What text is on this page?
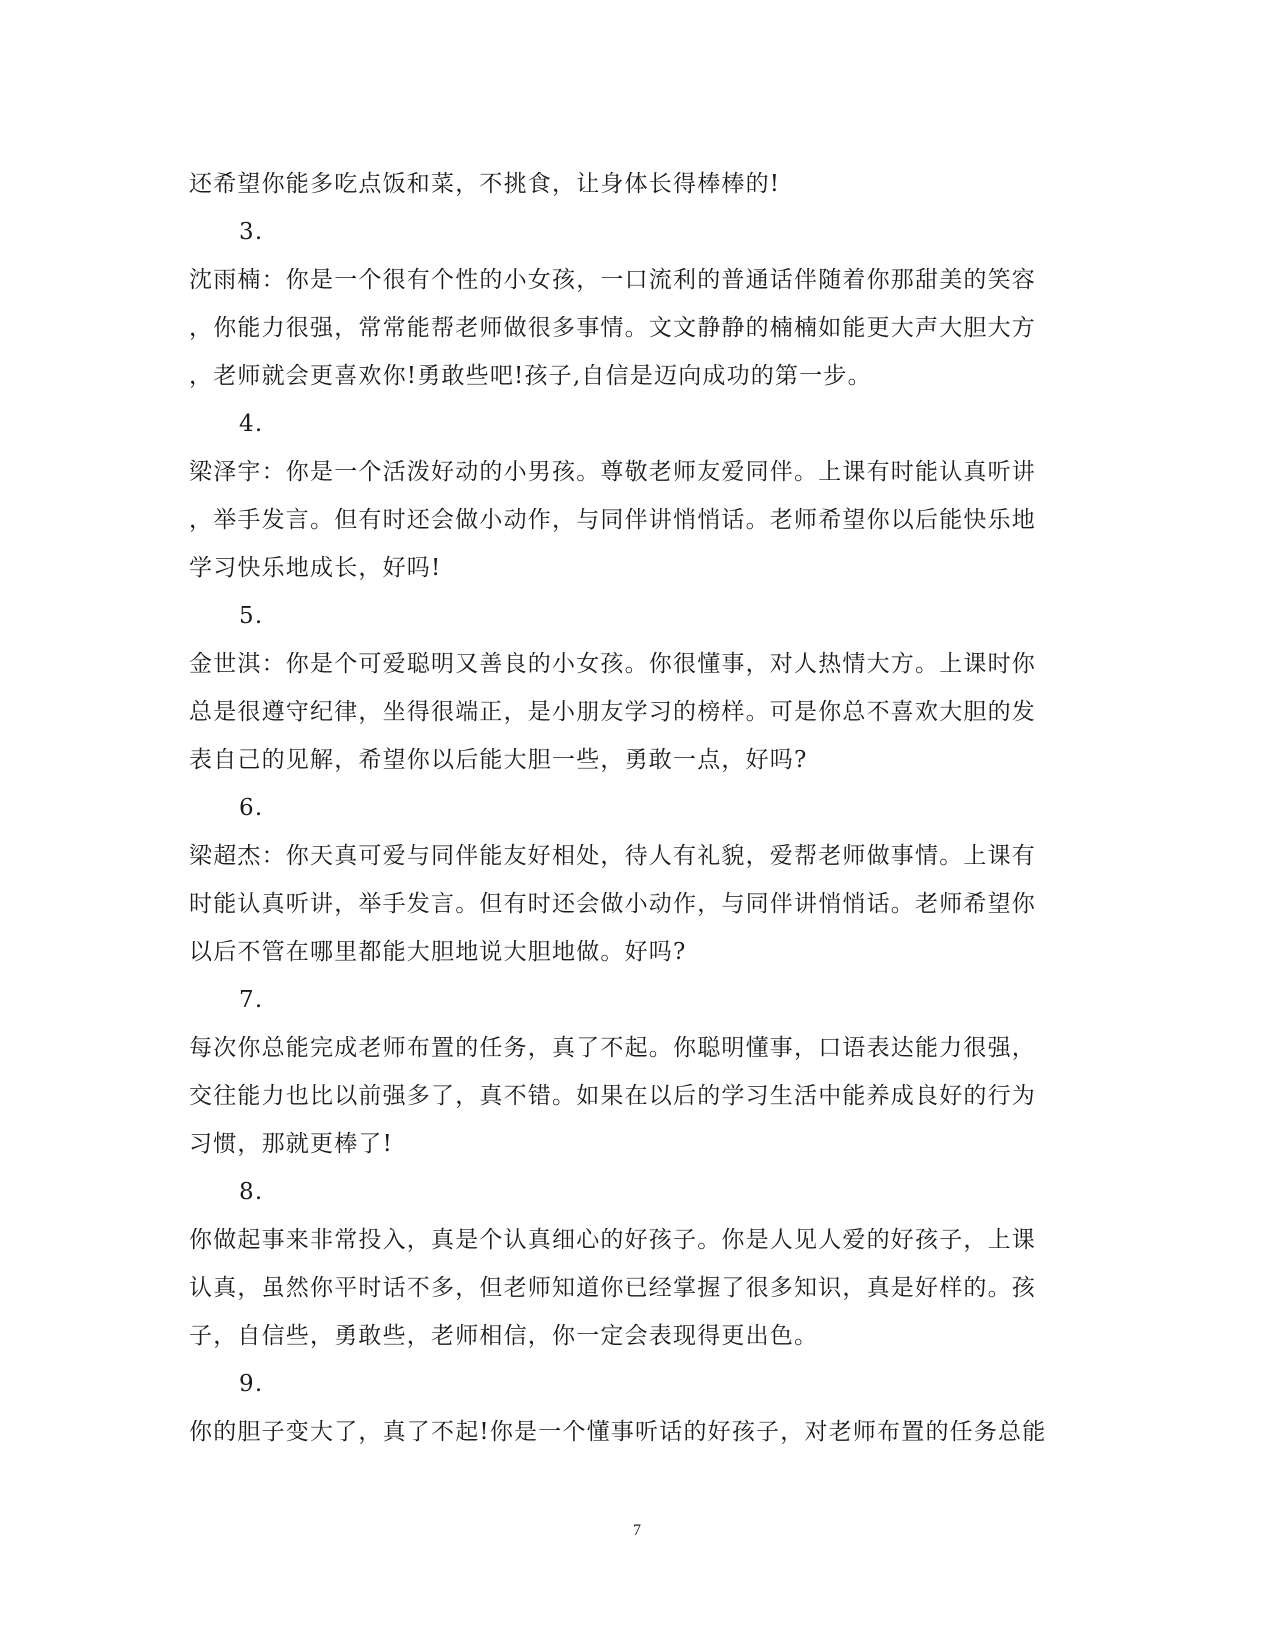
还希望你能多吃点饭和菜，不挑食，让身体长得棒棒的!
3.
沈雨楠：你是一个很有个性的小女孩，一口流利的普通话伴随着你那甜美的笑容
，你能力很强，常常能帮老师做很多事情。文文静静的楠楠如能更大声大胆大方
，老师就会更喜欢你!勇敢些吧!孩子,自信是迈向成功的第一步。
4.
梁泽宇：你是一个活泼好动的小男孩。尊敬老师友爱同伴。上课有时能认真听讲
，举手发言。但有时还会做小动作，与同伴讲悄悄话。老师希望你以后能快乐地
学习快乐地成长，好吗!
5.
金世淇：你是个可爱聪明又善良的小女孩。你很懂事，对人热情大方。上课时你
总是很遵守纪律，坐得很端正，是小朋友学习的榜样。可是你总不喜欢大胆的发
表自己的见解，希望你以后能大胆一些，勇敢一点，好吗?
6.
梁超杰：你天真可爱与同伴能友好相处，待人有礼貌，爱帮老师做事情。上课有
时能认真听讲，举手发言。但有时还会做小动作，与同伴讲悄悄话。老师希望你
以后不管在哪里都能大胆地说大胆地做。好吗?
7.
每次你总能完成老师布置的任务，真了不起。你聪明懂事，口语表达能力很强，
交往能力也比以前强多了，真不错。如果在以后的学习生活中能养成良好的行为
习惯，那就更棒了!
8.
你做起事来非常投入，真是个认真细心的好孩子。你是人见人爱的好孩子，上课
认真，虽然你平时话不多，但老师知道你已经掌握了很多知识，真是好样的。孩
子，自信些，勇敢些，老师相信，你一定会表现得更出色。
9.
你的胆子变大了，真了不起!你是一个懂事听话的好孩子，对老师布置的任务总能
7
